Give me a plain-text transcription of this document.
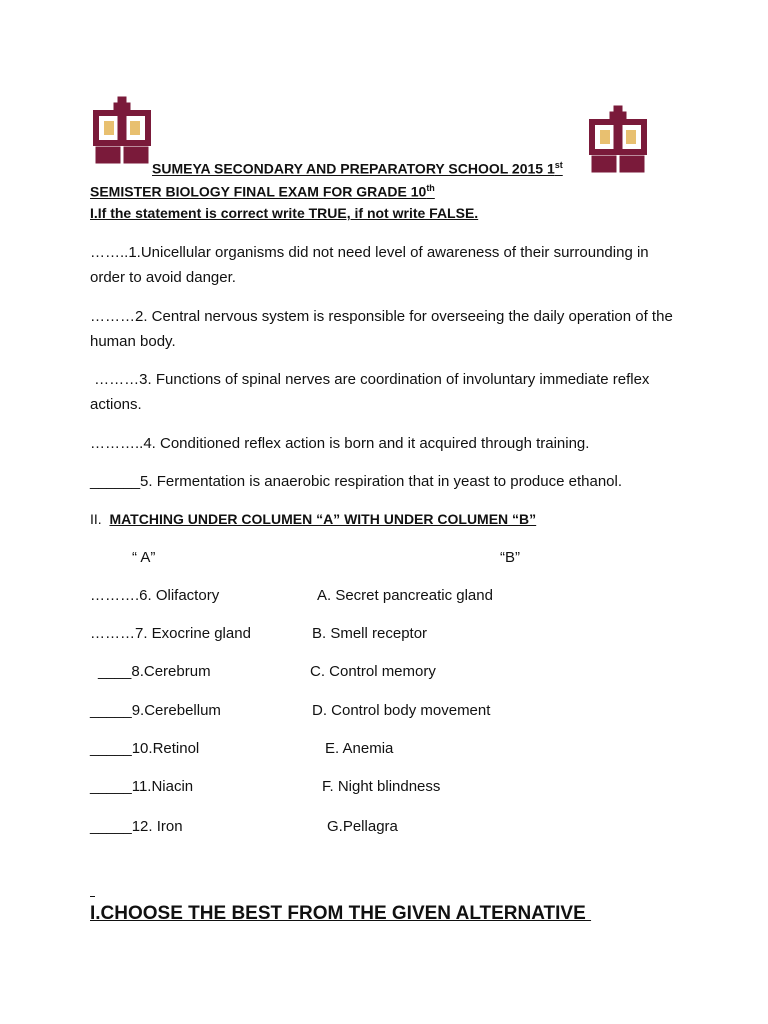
SUMEYA SECONDARY AND PREPARATORY SCHOOL 2015 1st
SEMISTER BIOLOGY FINAL EXAM FOR GRADE 10th
I.If the statement is correct write TRUE, if not write FALSE.
……..1.Unicellular organisms did not need level of awareness of their surrounding in order to avoid danger.
………2. Central nervous system is responsible for overseeing the daily operation of the human body.
………3. Functions of spinal nerves are coordination of involuntary immediate reflex actions.
………..4. Conditioned reflex action is born and it acquired through training.
______5. Fermentation is anaerobic respiration that in yeast to produce ethanol.
II.  MATCHING UNDER COLUMEN “A” WITH UNDER COLUMEN “B”
“ A”	“B”
……….6. Olifactory	A. Secret pancreatic gland
………7. Exocrine gland	B. Smell receptor
____8.Cerebrum	C. Control memory
_____9.Cerebellum	D. Control body movement
_____10.Retinol	E. Anemia
_____11.Niacin	F. Night blindness
_____12. Iron	G.Pellagra
I.CHOOSE THE BEST FROM THE GIVEN ALTERNATIVE
